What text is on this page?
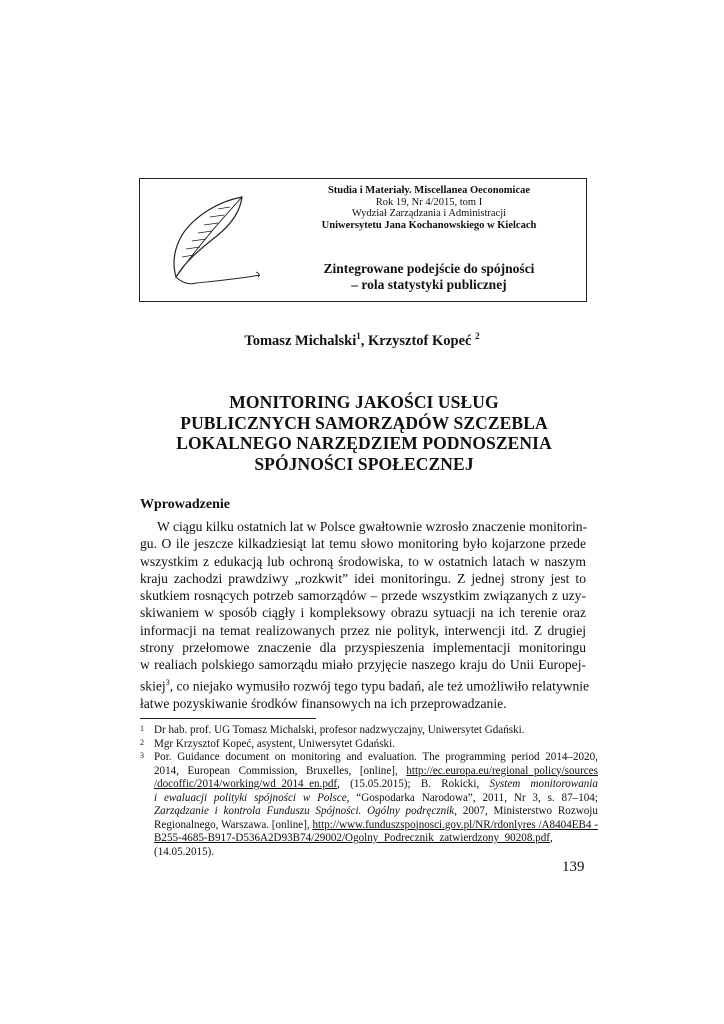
Studia i Materiały. Miscellanea Oeconomicae
Rok 19, Nr 4/2015, tom I
Wydział Zarządzania i Administracji
Uniwersytetu Jana Kochanowskiego w Kielcach
Zintegrowane podejście do spójności
– rola statystyki publicznej
Tomasz Michalski$^1$, Krzysztof Kopeć $^2$
MONITORING JAKOŚCI USŁUG
PUBLICZNYCH SAMORZĄDÓW SZCZEBLA
LOKALNEGO NARZĘDZIEM PODNOSZENIA
SPÓJNOŚCI SPOŁECZNEJ
Wprowadzenie
W ciągu kilku ostatnich lat w Polsce gwałtownie wzrosło znaczenie monitorin-
gu. O ile jeszcze kilkadziesiąt lat temu słowo monitoring było kojarzone przede
wszystkim z edukacją lub ochroną środowiska, to w ostatnich latach w naszym
kraju zachodzi prawdziwy „rozkwit” idei monitoringu. Z jednej strony jest to
skutkiem rosnących potrzeb samorządów – przede wszystkim związanych z uzy-
skiwaniem w sposób ciągły i kompleksowy obrazu sytuacji na ich terenie oraz
informacji na temat realizowanych przez nie polityk, interwencji itd. Z drugiej
strony przełomowe znaczenie dla przyspieszenia implementacji monitoringu
w realiach polskiego samorządu miało przyjęcie naszego kraju do Unii Europej-
skiej$^3$, co niejako wymusiło rozwój tego typu badań, ale też umożliwiło relatywnie
łatwe pozyskiwanie środków finansowych na ich przeprowadzanie.
1 Dr hab. prof. UG Tomasz Michalski, profesor nadzwyczajny, Uniwersytet Gdański.
2 Mgr Krzysztof Kopeć, asystent, Uniwersytet Gdański.
3 Por. Guidance document on monitoring and evaluation. The programming period 2014–2020,
2014, European Commission, Bruxelles, [online], http://ec.europa.eu/regional_policy/sources
/docoffic/2014/working/wd_2014_en.pdf, (15.05.2015); B. Rokicki, System monitorowania
i ewaluacji polityki spójności w Polsce, “Gospodarka Narodowa”, 2011, Nr 3, s. 87–104;
Zarządzanie i kontrola Funduszu Spójności. Ogólny podręcznik, 2007, Ministerstwo Rozwoju
Regionalnego, Warszawa. [online], http://www.funduszspojnosci.gov.pl/NR/rdonlyres /A8404EB4 -
B255-4685-B917-D536A2D93B74/29002/Ogolny_Podrecznik_zatwierdzony_90208.pdf,
(14.05.2015).
139
